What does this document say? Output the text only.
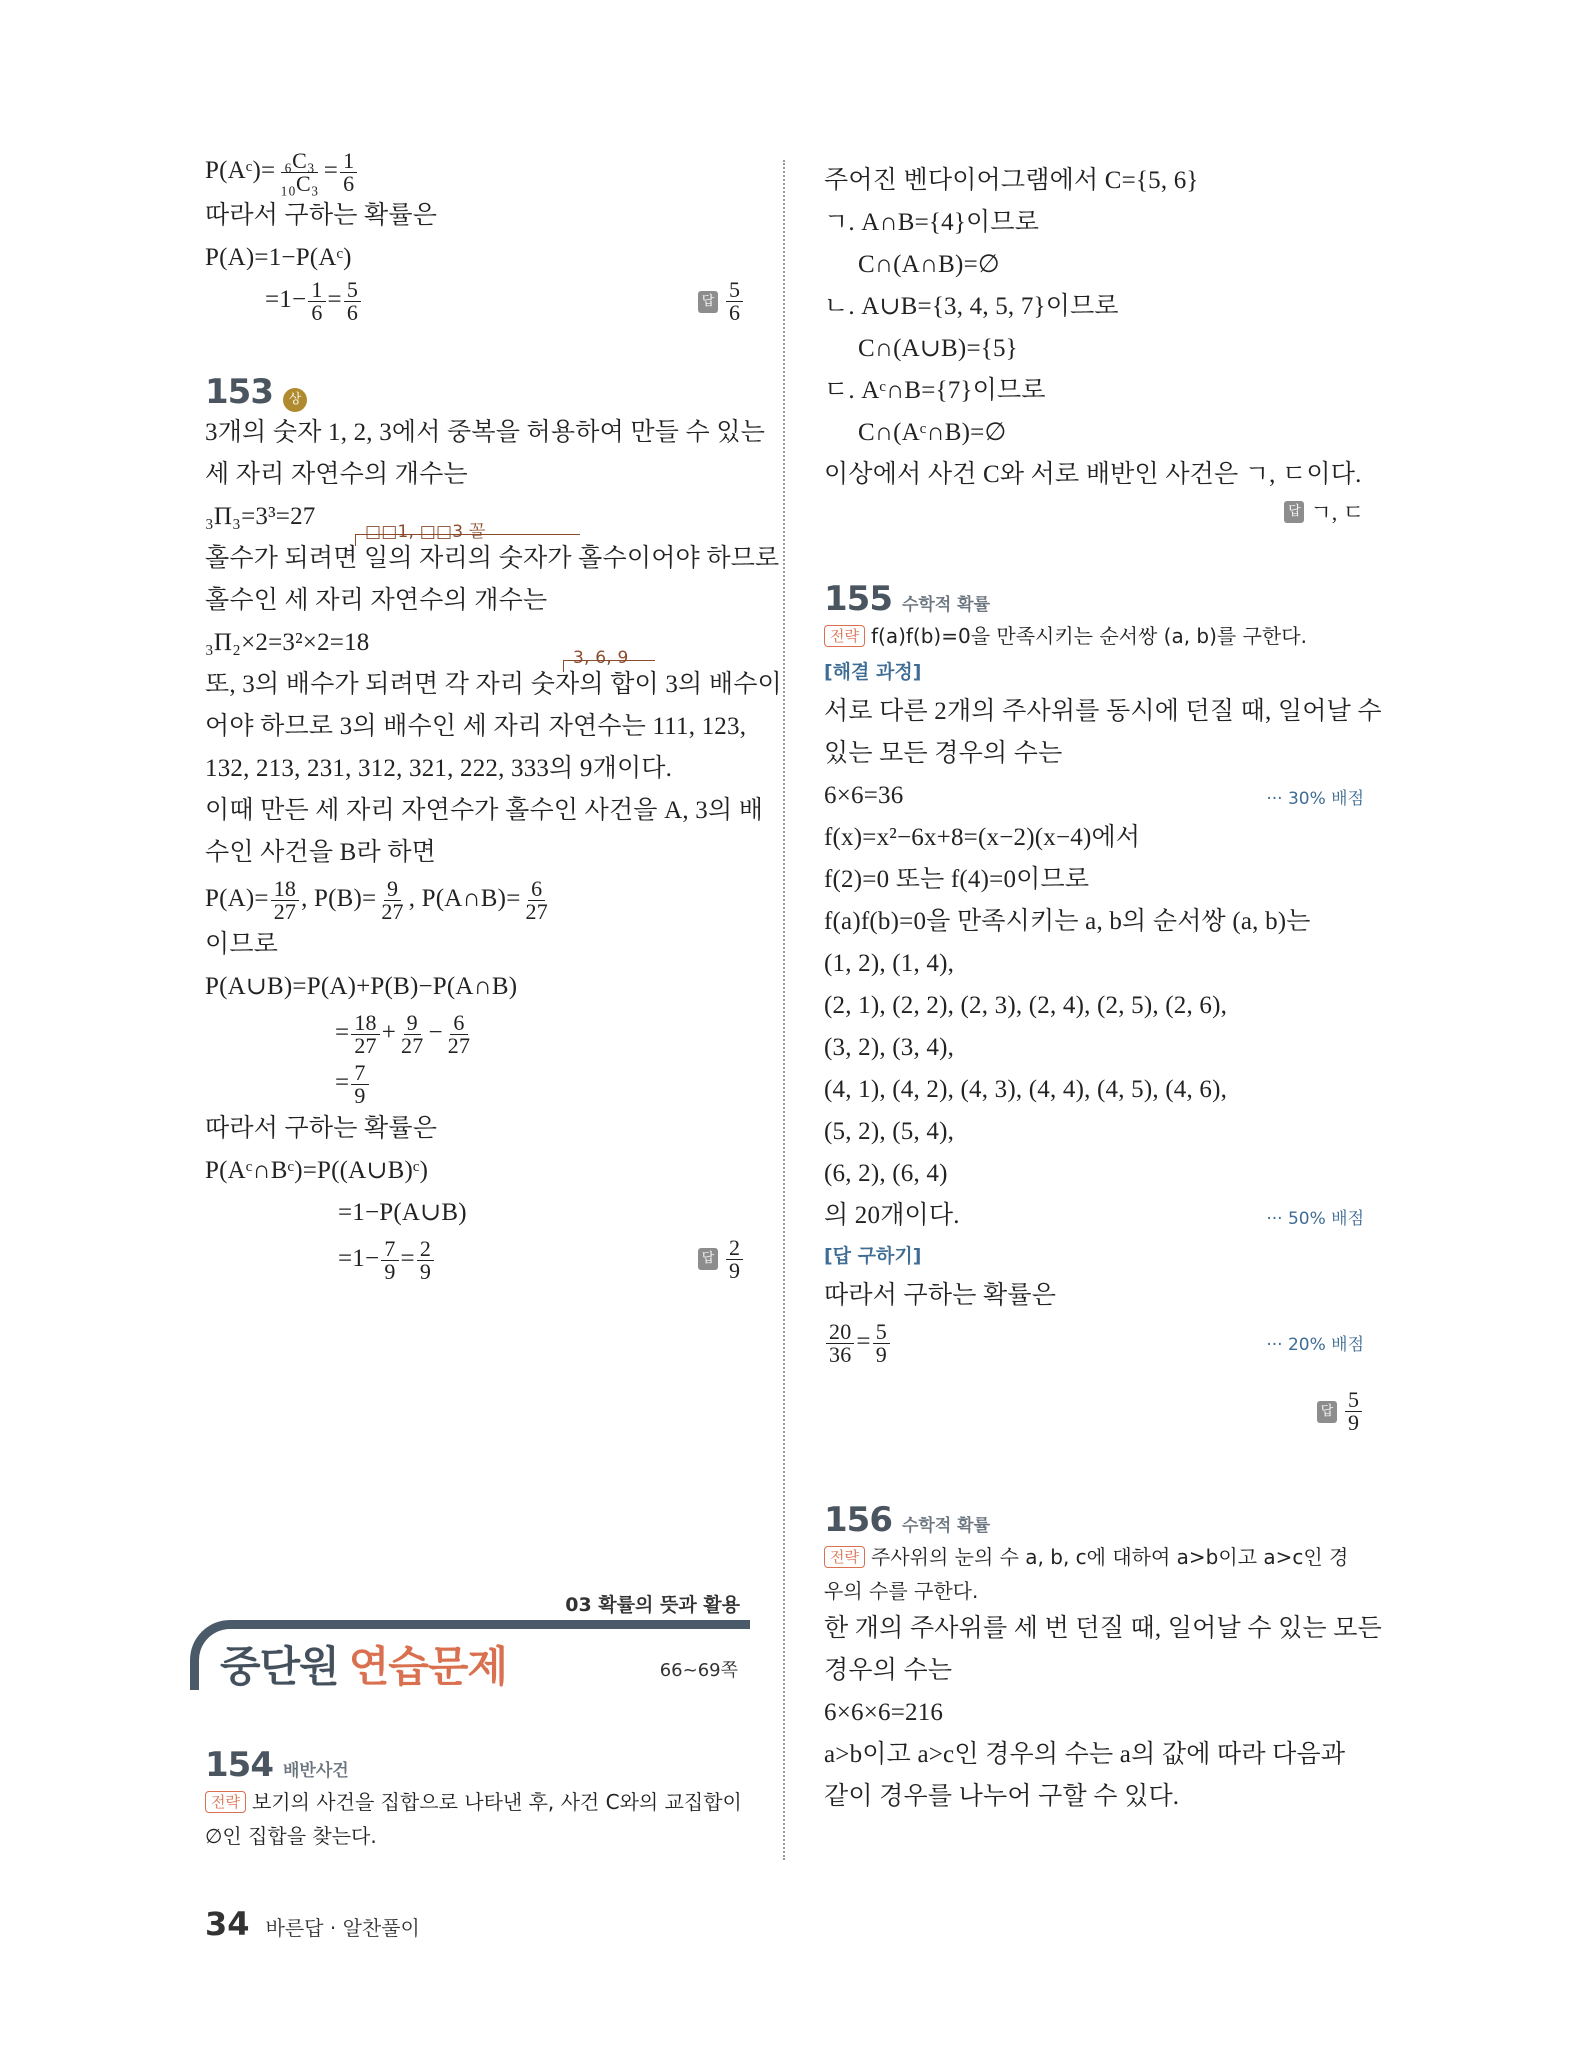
P(Aᶜ)= $\frac{\text{₆C₃}}{\text{₁₀C₃}} = \frac{1}{6}$
따라서 구하는 확률은
P(A)=1−P(Aᶜ)
$=1- \frac{1}{6} = \frac{5}{6}$	답 $\frac{5}{6}$
153	상
3개의 숫자 1, 2, 3에서 중복을 허용하여 만들 수 있는
세 자리 자연수의 개수는
₃Π₃=3³=27
홀수가 되려면 일의 자리의 숫자가 홀수이어야 하므로
□□1, □□3 꼴
홀수인 세 자리 자연수의 개수는
₃Π₂×2=3²×2=18
또, 3의 배수가 되려면 각 자리 숫자의 합이 3의 배수이
3, 6, 9
어야 하므로 3의 배수인 세 자리 자연수는 111, 123,
132, 213, 231, 312, 321, 222, 333의 9개이다.
이때 만든 세 자리 자연수가 홀수인 사건을 A, 3의 배
수인 사건을 B라 하면
$P(A)= \frac{18}{27}$ , $P(B)= \frac{9}{27}$ , P(A∩B)= $\frac{6}{27}$
이므로
P(A∪B)=P(A)+P(B)−P(A∩B)
= $\frac{18}{27} + \frac{9}{27} - \frac{6}{27}$
= $\frac{7}{9}$
따라서 구하는 확률은
P(Aᶜ∩Bᶜ)=P((A∪B)ᶜ)
=1−P(A∪B)
$=1- \frac{7}{9} = \frac{2}{9}$	답 $\frac{2}{9}$
03 확률의 뜻과 활용
중단원 연습문제	66~69쪽
154 배반사건
전략 보기의 사건을 집합으로 나타낸 후, 사건 C와의 교집합이
∅인 집합을 찾는다.
주어진 벤다이어그램에서 C={5, 6}
ㄱ. A∩B={4}이므로
C∩(A∩B)=∅
ㄴ. A∪B={3, 4, 5, 7}이므로
C∩(A∪B)={5}
ㄷ. Aᶜ∩B={7}이므로
C∩(Aᶜ∩B)=∅
이상에서 사건 C와 서로 배반인 사건은 ㄱ, ㄷ이다.
답 ㄱ, ㄷ
155 수학적 확률
전략 f(a)f(b)=0을 만족시키는 순서쌍 (a, b)를 구한다.
[해결 과정]
서로 다른 2개의 주사위를 동시에 던질 때, 일어날 수
있는 모든 경우의 수는
6×6=36	··· 30% 배점
f(x)=x²−6x+8=(x−2)(x−4)에서
f(2)=0 또는 f(4)=0이므로
f(a)f(b)=0을 만족시키는 a, b의 순서쌍 (a, b)는
(1, 2), (1, 4),
(2, 1), (2, 2), (2, 3), (2, 4), (2, 5), (2, 6),
(3, 2), (3, 4),
(4, 1), (4, 2), (4, 3), (4, 4), (4, 5), (4, 6),
(5, 2), (5, 4),
(6, 2), (6, 4)
의 20개이다.	··· 50% 배점
[답 구하기]
따라서 구하는 확률은
$\frac{20}{36} = \frac{5}{9}$	··· 20% 배점
답 $\frac{5}{9}$
156 수학적 확률
전략 주사위의 눈의 수 a, b, c에 대하여 a>b이고 a>c인 경
우의 수를 구한다.
한 개의 주사위를 세 번 던질 때, 일어날 수 있는 모든
경우의 수는
6×6×6=216
a>b이고 a>c인 경우의 수는 a의 값에 따라 다음과
같이 경우를 나누어 구할 수 있다.
34 바른답 · 알찬풀이
